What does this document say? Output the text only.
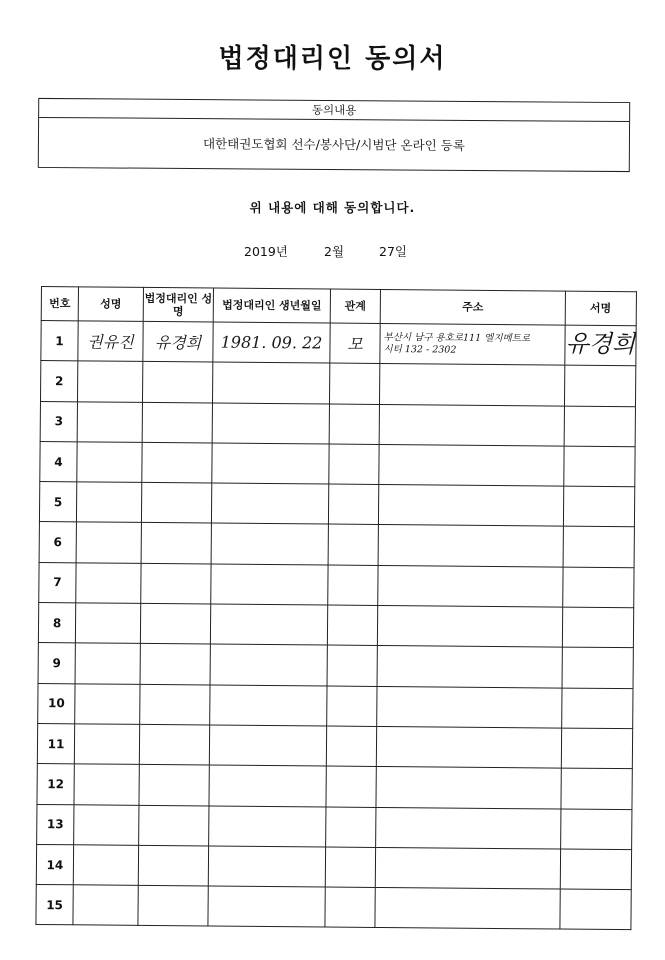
법정대리인 동의서
동의내용
대한태권도협회 선수/봉사단/시범단 온라인 등록
위 내용에 대해 동의합니다.
2019년	2월	27일
번호	성명	법정대리인 성명	법정대리인 생년월일	관계	주소	서명
1	권유진	유경희	1981. 09. 22	모	부산시 남구 용호로111 엘지메트로
시티 132 - 2302	유경희
2						
3						
4						
5						
6						
7						
8						
9						
10						
11						
12						
13						
14						
15						
